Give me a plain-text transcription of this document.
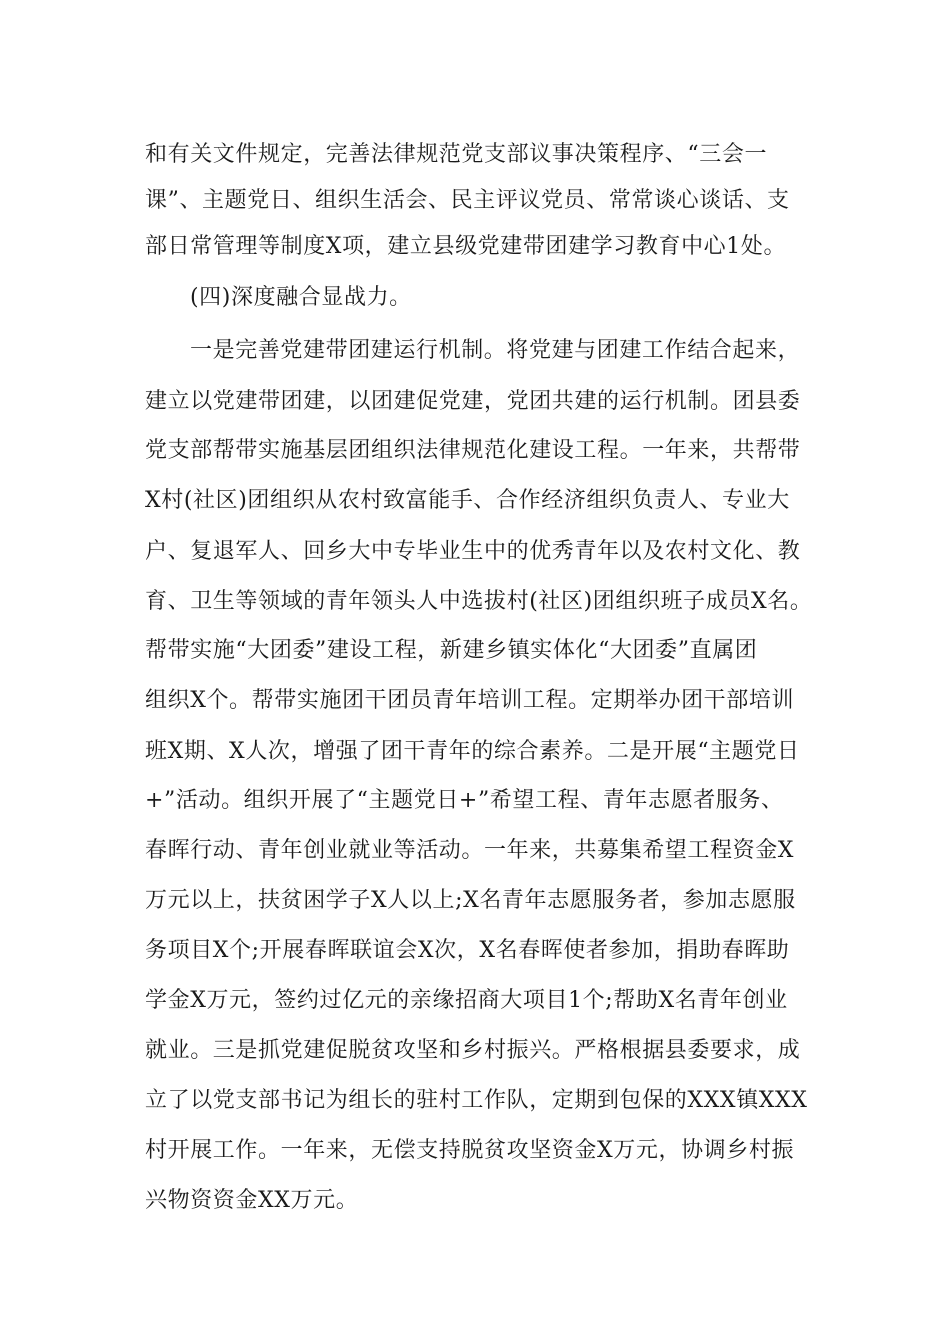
和有关文件规定，完善法律规范党支部议事决策程序、“三会一
课”、主题党日、组织生活会、民主评议党员、常常谈心谈话、支
部日常管理等制度X项，建立县级党建带团建学习教育中心1处。
(四)深度融合显战力。
一是完善党建带团建运行机制。将党建与团建工作结合起来，
建立以党建带团建，以团建促党建，党团共建的运行机制。团县委
党支部帮带实施基层团组织法律规范化建设工程。一年来，共帮带
X村(社区)团组织从农村致富能手、合作经济组织负责人、专业大
户、复退军人、回乡大中专毕业生中的优秀青年以及农村文化、教
育、卫生等领域的青年领头人中选拔村(社区)团组织班子成员X名。
帮带实施“大团委”建设工程，新建乡镇实体化“大团委”直属团
组织X个。帮带实施团干团员青年培训工程。定期举办团干部培训
班X期、X人次，增强了团干青年的综合素养。二是开展“主题党日
+”活动。组织开展了“主题党日+”希望工程、青年志愿者服务、
春晖行动、青年创业就业等活动。一年来，共募集希望工程资金X
万元以上，扶贫困学子X人以上;X名青年志愿服务者，参加志愿服
务项目X个;开展春晖联谊会X次，X名春晖使者参加，捐助春晖助
学金X万元，签约过亿元的亲缘招商大项目1个;帮助X名青年创业
就业。三是抓党建促脱贫攻坚和乡村振兴。严格根据县委要求，成
立了以党支部书记为组长的驻村工作队，定期到包保的XXX镇XXX
村开展工作。一年来，无偿支持脱贫攻坚资金X万元，协调乡村振
兴物资资金XX万元。
